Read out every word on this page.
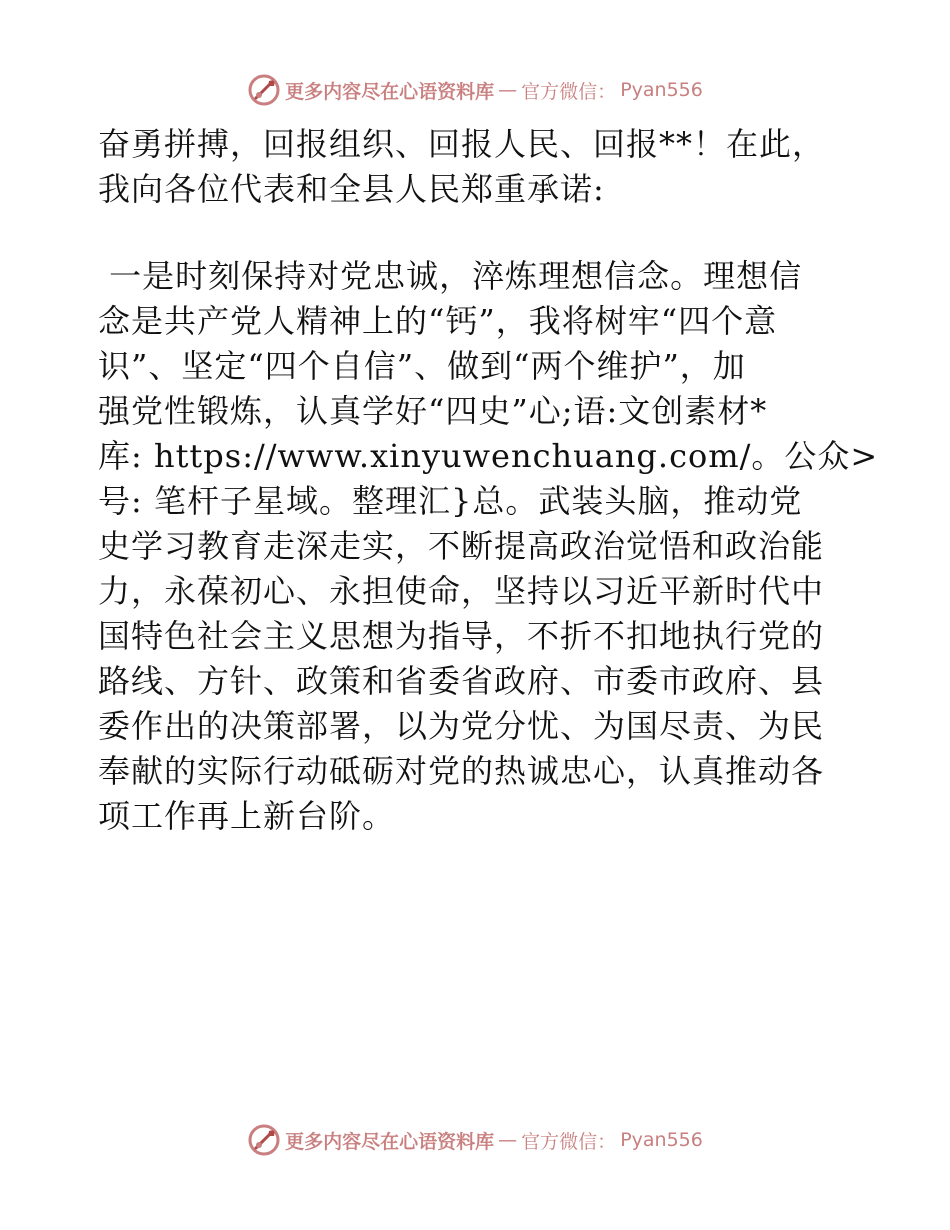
更多内容尽在心语资料库 — 官方微信： Pyan556
奋勇拼搏，回报组织、回报人民、回报**！在此，
我向各位代表和全县人民郑重承诺:
一是时刻保持对党忠诚，淬炼理想信念。理想信
念是共产党人精神上的“钙”，我将树牢“四个意
识”、坚定“四个自信”、做到“两个维护”，加
强党性锻炼，认真学好“四史”心;语:文创素材*
库: https://www.xinyuwenchuang.com/。公众>
号: 笔杆子星域。整理汇}总。武装头脑，推动党
史学习教育走深走实，不断提高政治觉悟和政治能
力，永葆初心、永担使命，坚持以习近平新时代中
国特色社会主义思想为指导，不折不扣地执行党的
路线、方针、政策和省委省政府、市委市政府、县
委作出的决策部署，以为党分忧、为国尽责、为民
奉献的实际行动砥砺对党的热诚忠心，认真推动各
项工作再上新台阶。
更多内容尽在心语资料库 — 官方微信： Pyan556
